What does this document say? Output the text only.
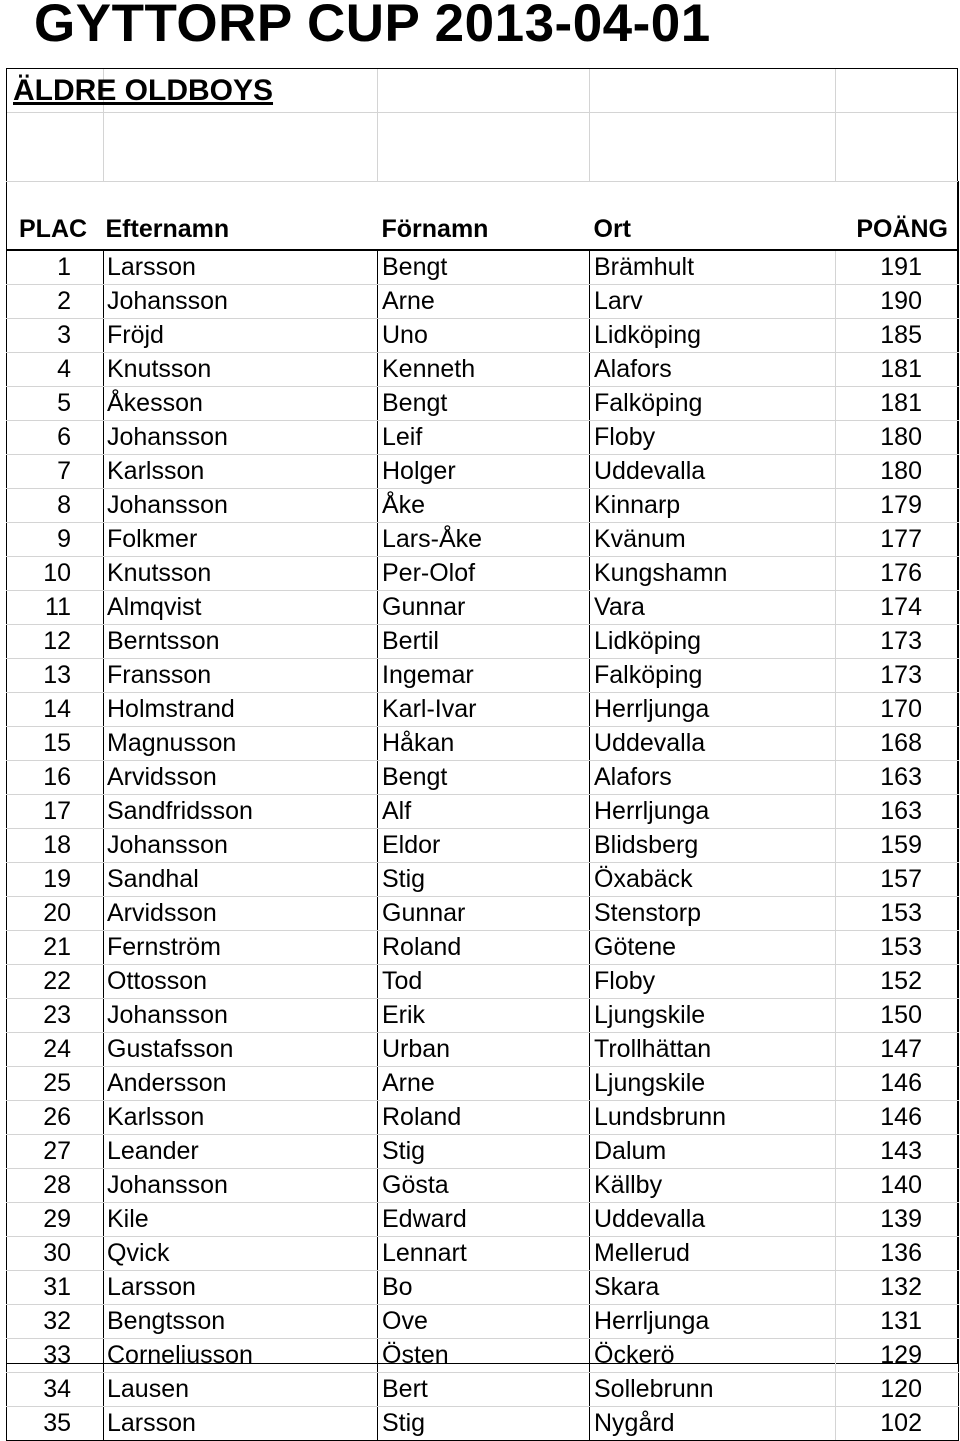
GYTTORP CUP 2013-04-01
ÄLDRE OLDBOYS
PLAC	Efternamn	Förnamn	Ort	POÄNG
1	Larsson	Bengt	Brämhult	191
2	Johansson	Arne	Larv	190
3	Fröjd	Uno	Lidköping	185
4	Knutsson	Kenneth	Alafors	181
5	Åkesson	Bengt	Falköping	181
6	Johansson	Leif	Floby	180
7	Karlsson	Holger	Uddevalla	180
8	Johansson	Åke	Kinnarp	179
9	Folkmer	Lars-Åke	Kvänum	177
10	Knutsson	Per-Olof	Kungshamn	176
11	Almqvist	Gunnar	Vara	174
12	Berntsson	Bertil	Lidköping	173
13	Fransson	Ingemar	Falköping	173
14	Holmstrand	Karl-Ivar	Herrljunga	170
15	Magnusson	Håkan	Uddevalla	168
16	Arvidsson	Bengt	Alafors	163
17	Sandfridsson	Alf	Herrljunga	163
18	Johansson	Eldor	Blidsberg	159
19	Sandhal	Stig	Öxabäck	157
20	Arvidsson	Gunnar	Stenstorp	153
21	Fernström	Roland	Götene	153
22	Ottosson	Tod	Floby	152
23	Johansson	Erik	Ljungskile	150
24	Gustafsson	Urban	Trollhättan	147
25	Andersson	Arne	Ljungskile	146
26	Karlsson	Roland	Lundsbrunn	146
27	Leander	Stig	Dalum	143
28	Johansson	Gösta	Källby	140
29	Kile	Edward	Uddevalla	139
30	Qvick	Lennart	Mellerud	136
31	Larsson	Bo	Skara	132
32	Bengtsson	Ove	Herrljunga	131
33	Corneliusson	Östen	Öckerö	129
34	Lausen	Bert	Sollebrunn	120
35	Larsson	Stig	Nygård	102
